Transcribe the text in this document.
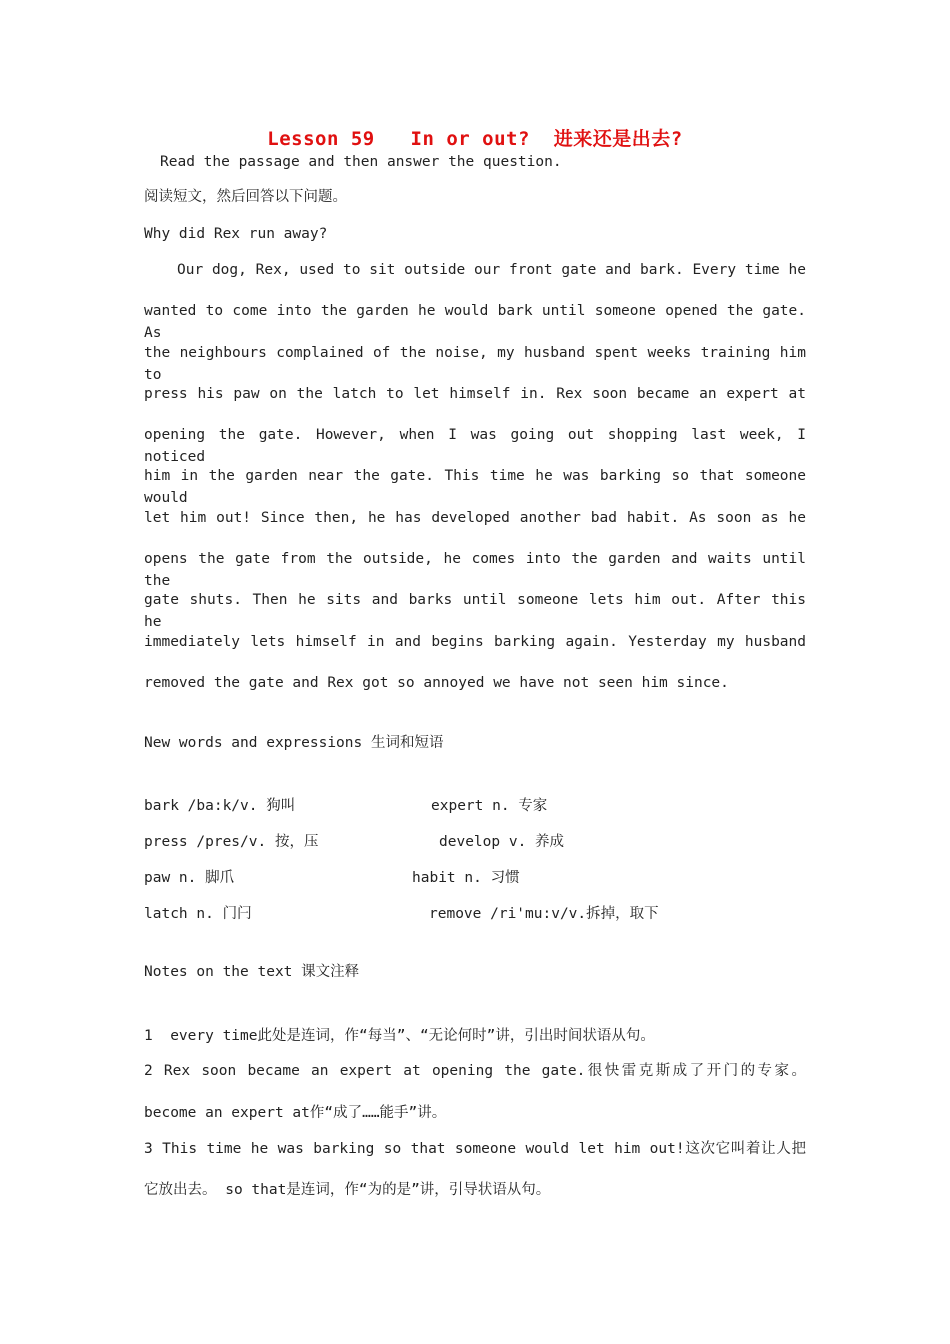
Lesson 59   In or out?  进来还是出去?
Read the passage and then answer the question.
阅读短文，然后回答以下问题。
Why did Rex run away?
Our dog, Rex, used to sit outside our front gate and bark. Every time he
wanted to come into the garden he would bark until someone opened the gate. As
the neighbours complained of the noise, my husband spent weeks training him to
press his paw on the latch to let himself in. Rex soon became an expert at
opening the gate. However, when I was going out shopping last week, I noticed
him in the garden near the gate. This time he was barking so that someone would
let him out! Since then, he has developed another bad habit. As soon as he
opens the gate from the outside, he comes into the garden and waits until the
gate shuts. Then he sits and barks until someone lets him out. After this he
immediately lets himself in and begins barking again. Yesterday my husband
removed the gate and Rex got so annoyed we have not seen him since.
New words and expressions 生词和短语
bark /ba:k/v. 狗叫	expert n. 专家
press /pres/v. 按，压	develop v. 养成
paw n. 脚爪	habit n. 习惯
latch n. 门闩	remove /ri'mu:v/v.拆掉，取下
Notes on the text 课文注释
1  every time此处是连词，作“每当”、“无论何时”讲，引出时间状语从句。
2 Rex soon became an expert at opening the gate.很快雷克斯成了开门的专家。
become an expert at作“成了……能手”讲。
3 This time he was barking so that someone would let him out!这次它叫着让人把
它放出去。 so that是连词，作“为的是”讲，引导状语从句。
